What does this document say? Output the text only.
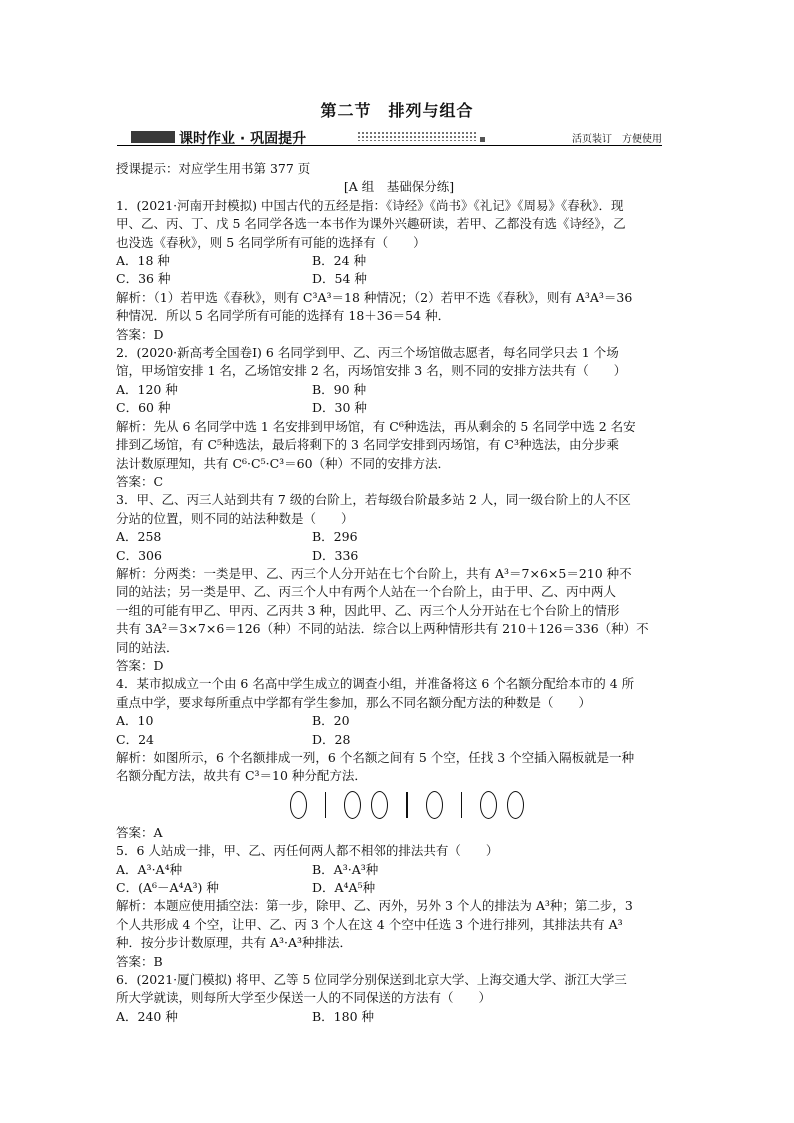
第二节　排列与组合
课时作业 · 巩固提升	活页装订　方便使用

授课提示：对应学生用书第 377 页

[A 组　基础保分练]

1．(2021·河南开封模拟) 中国古代的五经是指：《诗经》《尚书》《礼记》《周易》《春秋》．现

甲、乙、丙、丁、戊 5 名同学各选一本书作为课外兴趣研读，若甲、乙都没有选《诗经》，乙

也没选《春秋》，则 5 名同学所有可能的选择有（　　）

A．18 种	B．24 种
C．36 种	D．54 种

解析：（1）若甲选《春秋》，则有 C³A³＝18 种情况；（2）若甲不选《春秋》，则有 A³A³＝36

种情况．所以 5 名同学所有可能的选择有 18＋36＝54 种．

答案：D

2．(2020·新高考全国卷Ⅰ) 6 名同学到甲、乙、丙三个场馆做志愿者，每名同学只去 1 个场

馆，甲场馆安排 1 名，乙场馆安排 2 名，丙场馆安排 3 名，则不同的安排方法共有（　　）

A．120 种	B．90 种
C．60 种	D．30 种

解析：先从 6 名同学中选 1 名安排到甲场馆，有 C⁶种选法，再从剩余的 5 名同学中选 2 名安

排到乙场馆，有 C⁵种选法，最后将剩下的 3 名同学安排到丙场馆，有 C³种选法，由分步乘

法计数原理知，共有 C⁶·C⁵·C³＝60（种）不同的安排方法．

答案：C

3．甲、乙、丙三人站到共有 7 级的台阶上，若每级台阶最多站 2 人，同一级台阶上的人不区

分站的位置，则不同的站法种数是（　　）

A．258	B．296
C．306	D．336

解析：分两类：一类是甲、乙、丙三个人分开站在七个台阶上，共有 A³＝7×6×5＝210 种不

同的站法；另一类是甲、乙、丙三个人中有两个人站在一个台阶上，由于甲、乙、丙中两人

一组的可能有甲乙、甲丙、乙丙共 3 种，因此甲、乙、丙三个人分开站在七个台阶上的情形

共有 3A²＝3×7×6＝126（种）不同的站法．综合以上两种情形共有 210＋126＝336（种）不

同的站法．

答案：D

4．某市拟成立一个由 6 名高中学生成立的调查小组，并准备将这 6 个名额分配给本市的 4 所

重点中学，要求每所重点中学都有学生参加，那么不同名额分配方法的种数是（　　）

A．10	B．20
C．24	D．28

解析：如图所示，6 个名额排成一列，6 个名额之间有 5 个空，任找 3 个空插入隔板就是一种

名额分配方法，故共有 C³＝10 种分配方法．

答案：A

5．6 人站成一排，甲、乙、丙任何两人都不相邻的排法共有（　　）

A．A³·A⁴种	B．A³·A³种
C．(A⁶－A⁴A³) 种	D．A⁴A⁵种

解析：本题应使用插空法：第一步，除甲、乙、丙外，另外 3 个人的排法为 A³种；第二步，3

个人共形成 4 个空，让甲、乙、丙 3 个人在这 4 个空中任选 3 个进行排列，其排法共有 A³

种．按分步计数原理，共有 A³·A³种排法．

答案：B

6．(2021·厦门模拟) 将甲、乙等 5 位同学分别保送到北京大学、上海交通大学、浙江大学三

所大学就读，则每所大学至少保送一人的不同保送的方法有（　　）

A．240 种	B．180 种
